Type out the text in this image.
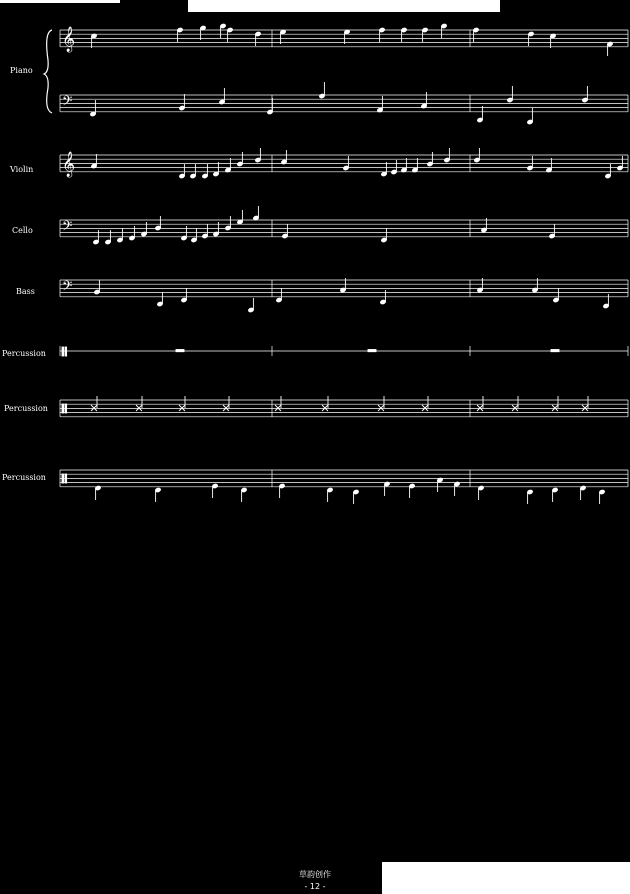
Piano
Violin
Cello
Bass
Percussion
Percussion
Percussion
𝄞
𝄢
𝄞
𝄢
𝄢
草韵创作
- 12 -
